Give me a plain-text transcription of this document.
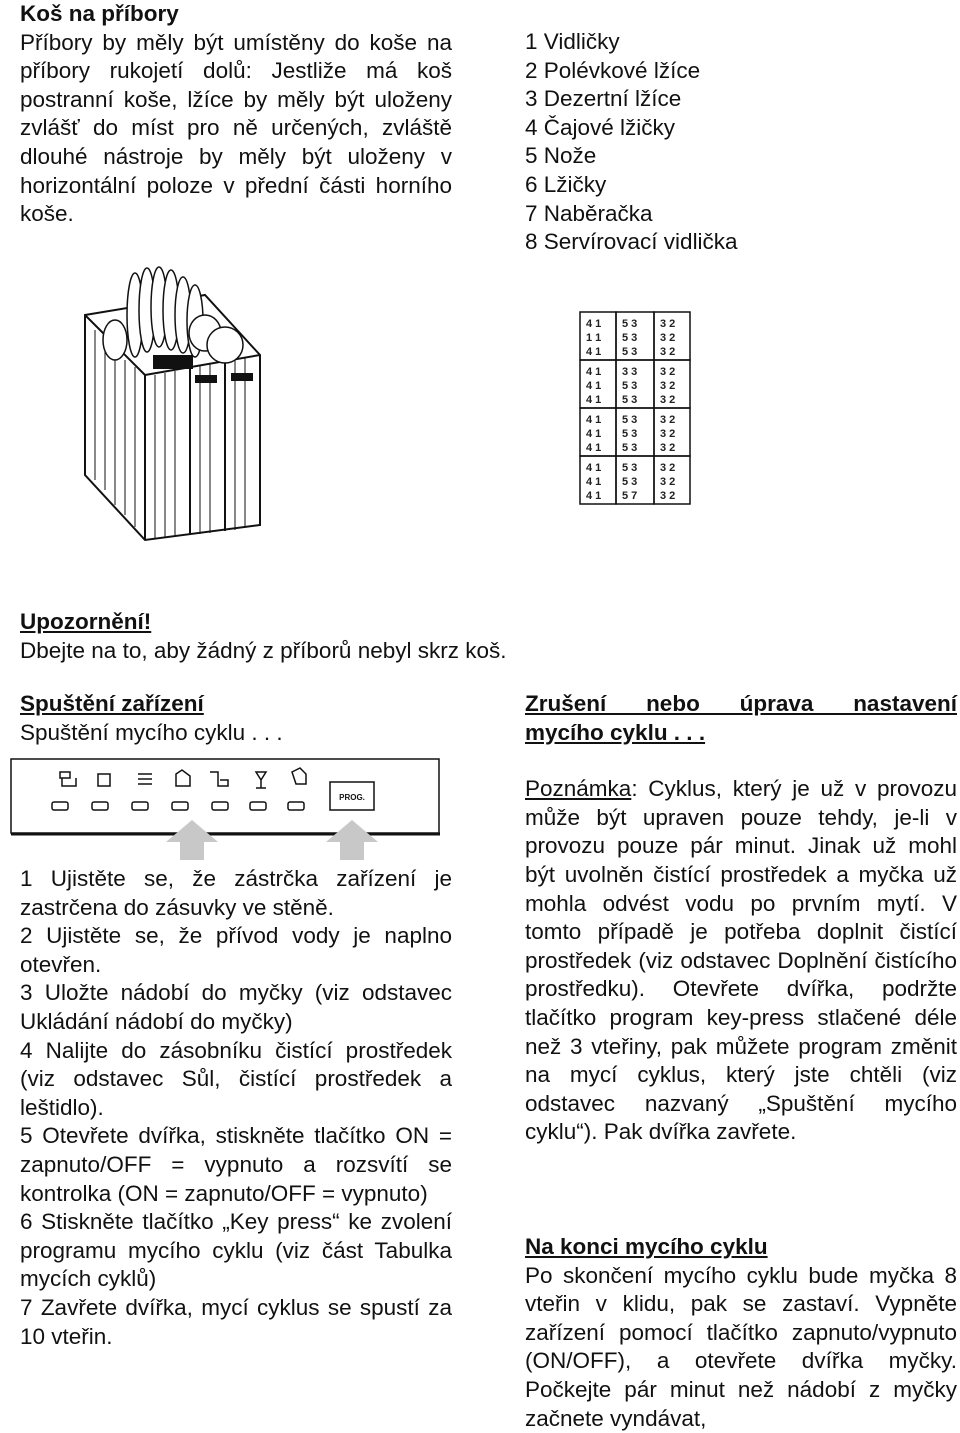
Koš na příbory

Příbory by měly být umístěny do koše na příbory rukojetí dolů: Jestliže má koš postranní koše, lžíce by měly být uloženy zvlášť do míst pro ně určených, zvláště dlouhé nástroje by měly být uloženy v horizontální poloze v přední části horního koše.

1 Vidličky
2 Polévkové lžíce
3 Dezertní lžíce
4 Čajové lžičky
5 Nože
6 Lžičky
7 Naběračka
8 Servírovací vidlička
4 1 5 3 3 2
1 1 5 3 3 2
4 1 5 3 3 2
4 1 3 3 3 2
4 1 5 3 3 2
4 1 5 3 3 2
4 1 5 3 3 2
4 1 5 3 3 2
4 1 5 3 3 2
4 1 5 3 3 2
4 1 5 3 3 2
4 1 5 7 3 2
Upozornění!

Dbejte na to, aby žádný z příborů nebyl skrz koš.

Spuštění zařízení
Spuštění mycího cyklu . . .
PROG.

1 Ujistěte se, že zástrčka zařízení je zastrčena do zásuvky ve stěně.

2 Ujistěte se, že přívod vody je naplno otevřen.

3 Uložte nádobí do myčky (viz odstavec Ukládání nádobí do myčky)

4 Nalijte do zásobníku čistící prostředek (viz odstavec Sůl, čistící prostředek a leštidlo).

5 Otevřete dvířka, stiskněte tlačítko ON = zapnuto/OFF = vypnuto a rozsvítí se kontrolka (ON = zapnuto/OFF = vypnuto)

6 Stiskněte tlačítko „Key press“ ke zvolení programu mycího cyklu (viz část Tabulka mycích cyklů)

7 Zavřete dvířka, mycí cyklus se spustí za 10 vteřin.

Zrušení nebo úprava nastavení
mycího cyklu . . .

Poznámka: Cyklus, který je už v provozu může být upraven pouze tehdy, je-li v provozu pouze pár minut. Jinak už mohl být uvolněn čistící prostředek a myčka už mohla odvést vodu po prvním mytí. V tomto případě je potřeba doplnit čistící prostředek (viz odstavec Doplnění čistícího prostředku). Otevřete dvířka, podržte tlačítko program key-press stlačené déle než 3 vteřiny, pak můžete program změnit na mycí cyklus, který jste chtěli (viz odstavec nazvaný „Spuštění mycího cyklu“). Pak dvířka zavřete.

Na konci mycího cyklu

Po skončení mycího cyklu bude myčka 8 vteřin v klidu, pak se zastaví. Vypněte zařízení pomocí tlačítko zapnuto/vypnuto (ON/OFF), a otevřete dvířka myčky. Počkejte pár minut než nádobí z myčky začnete vyndávat,
